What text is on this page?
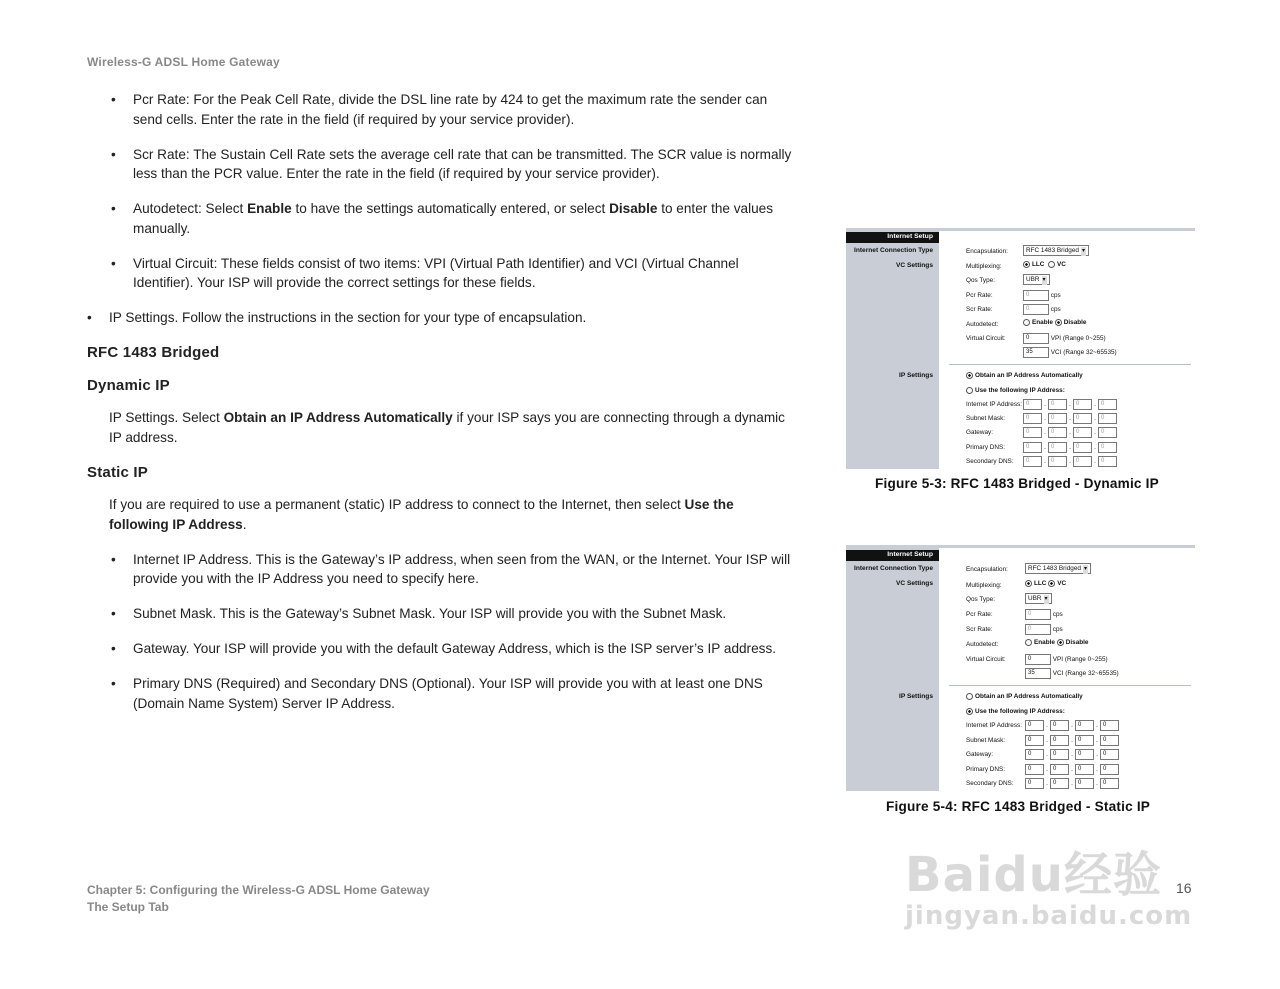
Wireless-G ADSL Home Gateway
• Pcr Rate: For the Peak Cell Rate, divide the DSL line rate by 424 to get the maximum rate the sender can send cells. Enter the rate in the field (if required by your service provider).
• Scr Rate: The Sustain Cell Rate sets the average cell rate that can be transmitted. The SCR value is normally less than the PCR value. Enter the rate in the field (if required by your service provider).
• Autodetect: Select Enable to have the settings automatically entered, or select Disable to enter the values manually.
• Virtual Circuit: These fields consist of two items: VPI (Virtual Path Identifier) and VCI (Virtual Channel Identifier). Your ISP will provide the correct settings for these fields.
• IP Settings. Follow the instructions in the section for your type of encapsulation.
RFC 1483 Bridged
Dynamic IP
IP Settings. Select Obtain an IP Address Automatically if your ISP says you are connecting through a dynamic IP address.
Static IP
If you are required to use a permanent (static) IP address to connect to the Internet, then select Use the following IP Address.
• Internet IP Address. This is the Gateway’s IP address, when seen from the WAN, or the Internet. Your ISP will provide you with the IP Address you need to specify here.
• Subnet Mask. This is the Gateway’s Subnet Mask. Your ISP will provide you with the Subnet Mask.
• Gateway. Your ISP will provide you with the default Gateway Address, which is the ISP server’s IP address.
• Primary DNS (Required) and Secondary DNS (Optional). Your ISP will provide you with at least one DNS (Domain Name System) Server IP Address.
Internet Setup
Internet Connection Type
VC Settings
Encapsulation:	RFC 1483 Bridged ▾
Multiplexing:	LLC VC
Qos Type:	UBR ▾
Pcr Rate:	0	cps
Scr Rate:	0	cps
Autodetect:	Enable Disable
Virtual Circuit:	0	VPI (Range 0~255)
35	VCI (Range 32~65535)
IP Settings	Obtain an IP Address Automatically
Use the following IP Address:
Internet IP Address: 0 . 0 . 0 . 0
Subnet Mask:	0 . 0 . 0 . 0
Gateway:	0 . 0 . 0 . 0
Primary DNS:	0 . 0 . 0 . 0
Secondary DNS:	0 . 0 . 0 . 0
Figure 5-3: RFC 1483 Bridged - Dynamic IP
Internet Setup
Internet Connection Type
VC Settings
Encapsulation:	RFC 1483 Bridged ▾
Multiplexing:	LLC VC
Qos Type:	UBR ▾
Pcr Rate:	0	cps
Scr Rate:	0	cps
Autodetect:	Enable Disable
Virtual Circuit:	0	VPI (Range 0~255)
35	VCI (Range 32~65535)
IP Settings	Obtain an IP Address Automatically
Use the following IP Address:
Internet IP Address: 0 . 0 . 0 . 0
Subnet Mask:	0 . 0 . 0 . 0
Gateway:	0 . 0 . 0 . 0
Primary DNS:	0 . 0 . 0 . 0
Secondary DNS:	0 . 0 . 0 . 0
Figure 5-4: RFC 1483 Bridged - Static IP
Chapter 5: Configuring the Wireless-G ADSL Home Gateway
The Setup Tab
16
Baidu经验
jingyan.baidu.com
